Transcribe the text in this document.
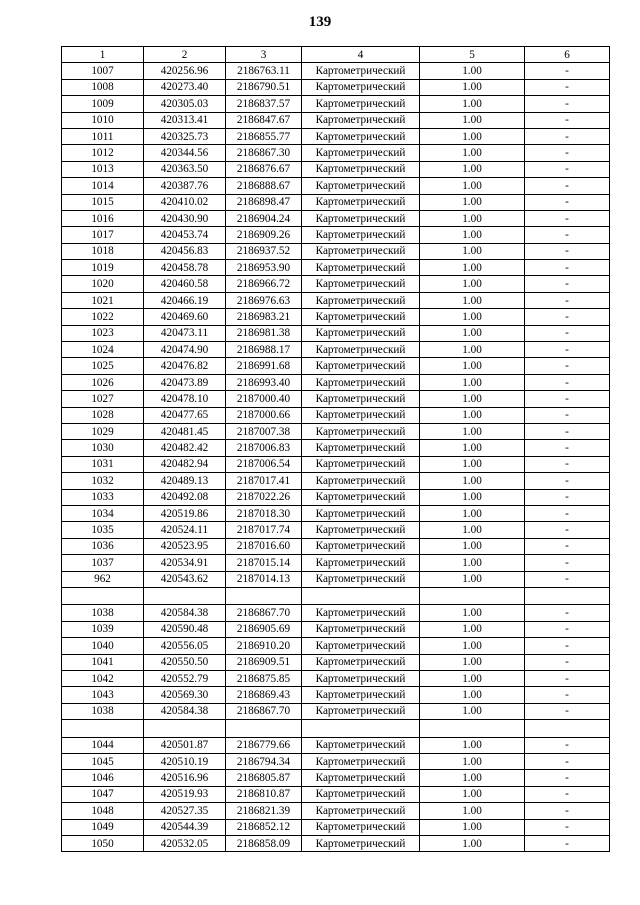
139
1	2	3	4	5	6
1007	420256.96	2186763.11	Картометрический	1.00	-
1008	420273.40	2186790.51	Картометрический	1.00	-
1009	420305.03	2186837.57	Картометрический	1.00	-
1010	420313.41	2186847.67	Картометрический	1.00	-
1011	420325.73	2186855.77	Картометрический	1.00	-
1012	420344.56	2186867.30	Картометрический	1.00	-
1013	420363.50	2186876.67	Картометрический	1.00	-
1014	420387.76	2186888.67	Картометрический	1.00	-
1015	420410.02	2186898.47	Картометрический	1.00	-
1016	420430.90	2186904.24	Картометрический	1.00	-
1017	420453.74	2186909.26	Картометрический	1.00	-
1018	420456.83	2186937.52	Картометрический	1.00	-
1019	420458.78	2186953.90	Картометрический	1.00	-
1020	420460.58	2186966.72	Картометрический	1.00	-
1021	420466.19	2186976.63	Картометрический	1.00	-
1022	420469.60	2186983.21	Картометрический	1.00	-
1023	420473.11	2186981.38	Картометрический	1.00	-
1024	420474.90	2186988.17	Картометрический	1.00	-
1025	420476.82	2186991.68	Картометрический	1.00	-
1026	420473.89	2186993.40	Картометрический	1.00	-
1027	420478.10	2187000.40	Картометрический	1.00	-
1028	420477.65	2187000.66	Картометрический	1.00	-
1029	420481.45	2187007.38	Картометрический	1.00	-
1030	420482.42	2187006.83	Картометрический	1.00	-
1031	420482.94	2187006.54	Картометрический	1.00	-
1032	420489.13	2187017.41	Картометрический	1.00	-
1033	420492.08	2187022.26	Картометрический	1.00	-
1034	420519.86	2187018.30	Картометрический	1.00	-
1035	420524.11	2187017.74	Картометрический	1.00	-
1036	420523.95	2187016.60	Картометрический	1.00	-
1037	420534.91	2187015.14	Картометрический	1.00	-
962	420543.62	2187014.13	Картометрический	1.00	-

1038	420584.38	2186867.70	Картометрический	1.00	-
1039	420590.48	2186905.69	Картометрический	1.00	-
1040	420556.05	2186910.20	Картометрический	1.00	-
1041	420550.50	2186909.51	Картометрический	1.00	-
1042	420552.79	2186875.85	Картометрический	1.00	-
1043	420569.30	2186869.43	Картометрический	1.00	-
1038	420584.38	2186867.70	Картометрический	1.00	-

1044	420501.87	2186779.66	Картометрический	1.00	-
1045	420510.19	2186794.34	Картометрический	1.00	-
1046	420516.96	2186805.87	Картометрический	1.00	-
1047	420519.93	2186810.87	Картометрический	1.00	-
1048	420527.35	2186821.39	Картометрический	1.00	-
1049	420544.39	2186852.12	Картометрический	1.00	-
1050	420532.05	2186858.09	Картометрический	1.00	-
